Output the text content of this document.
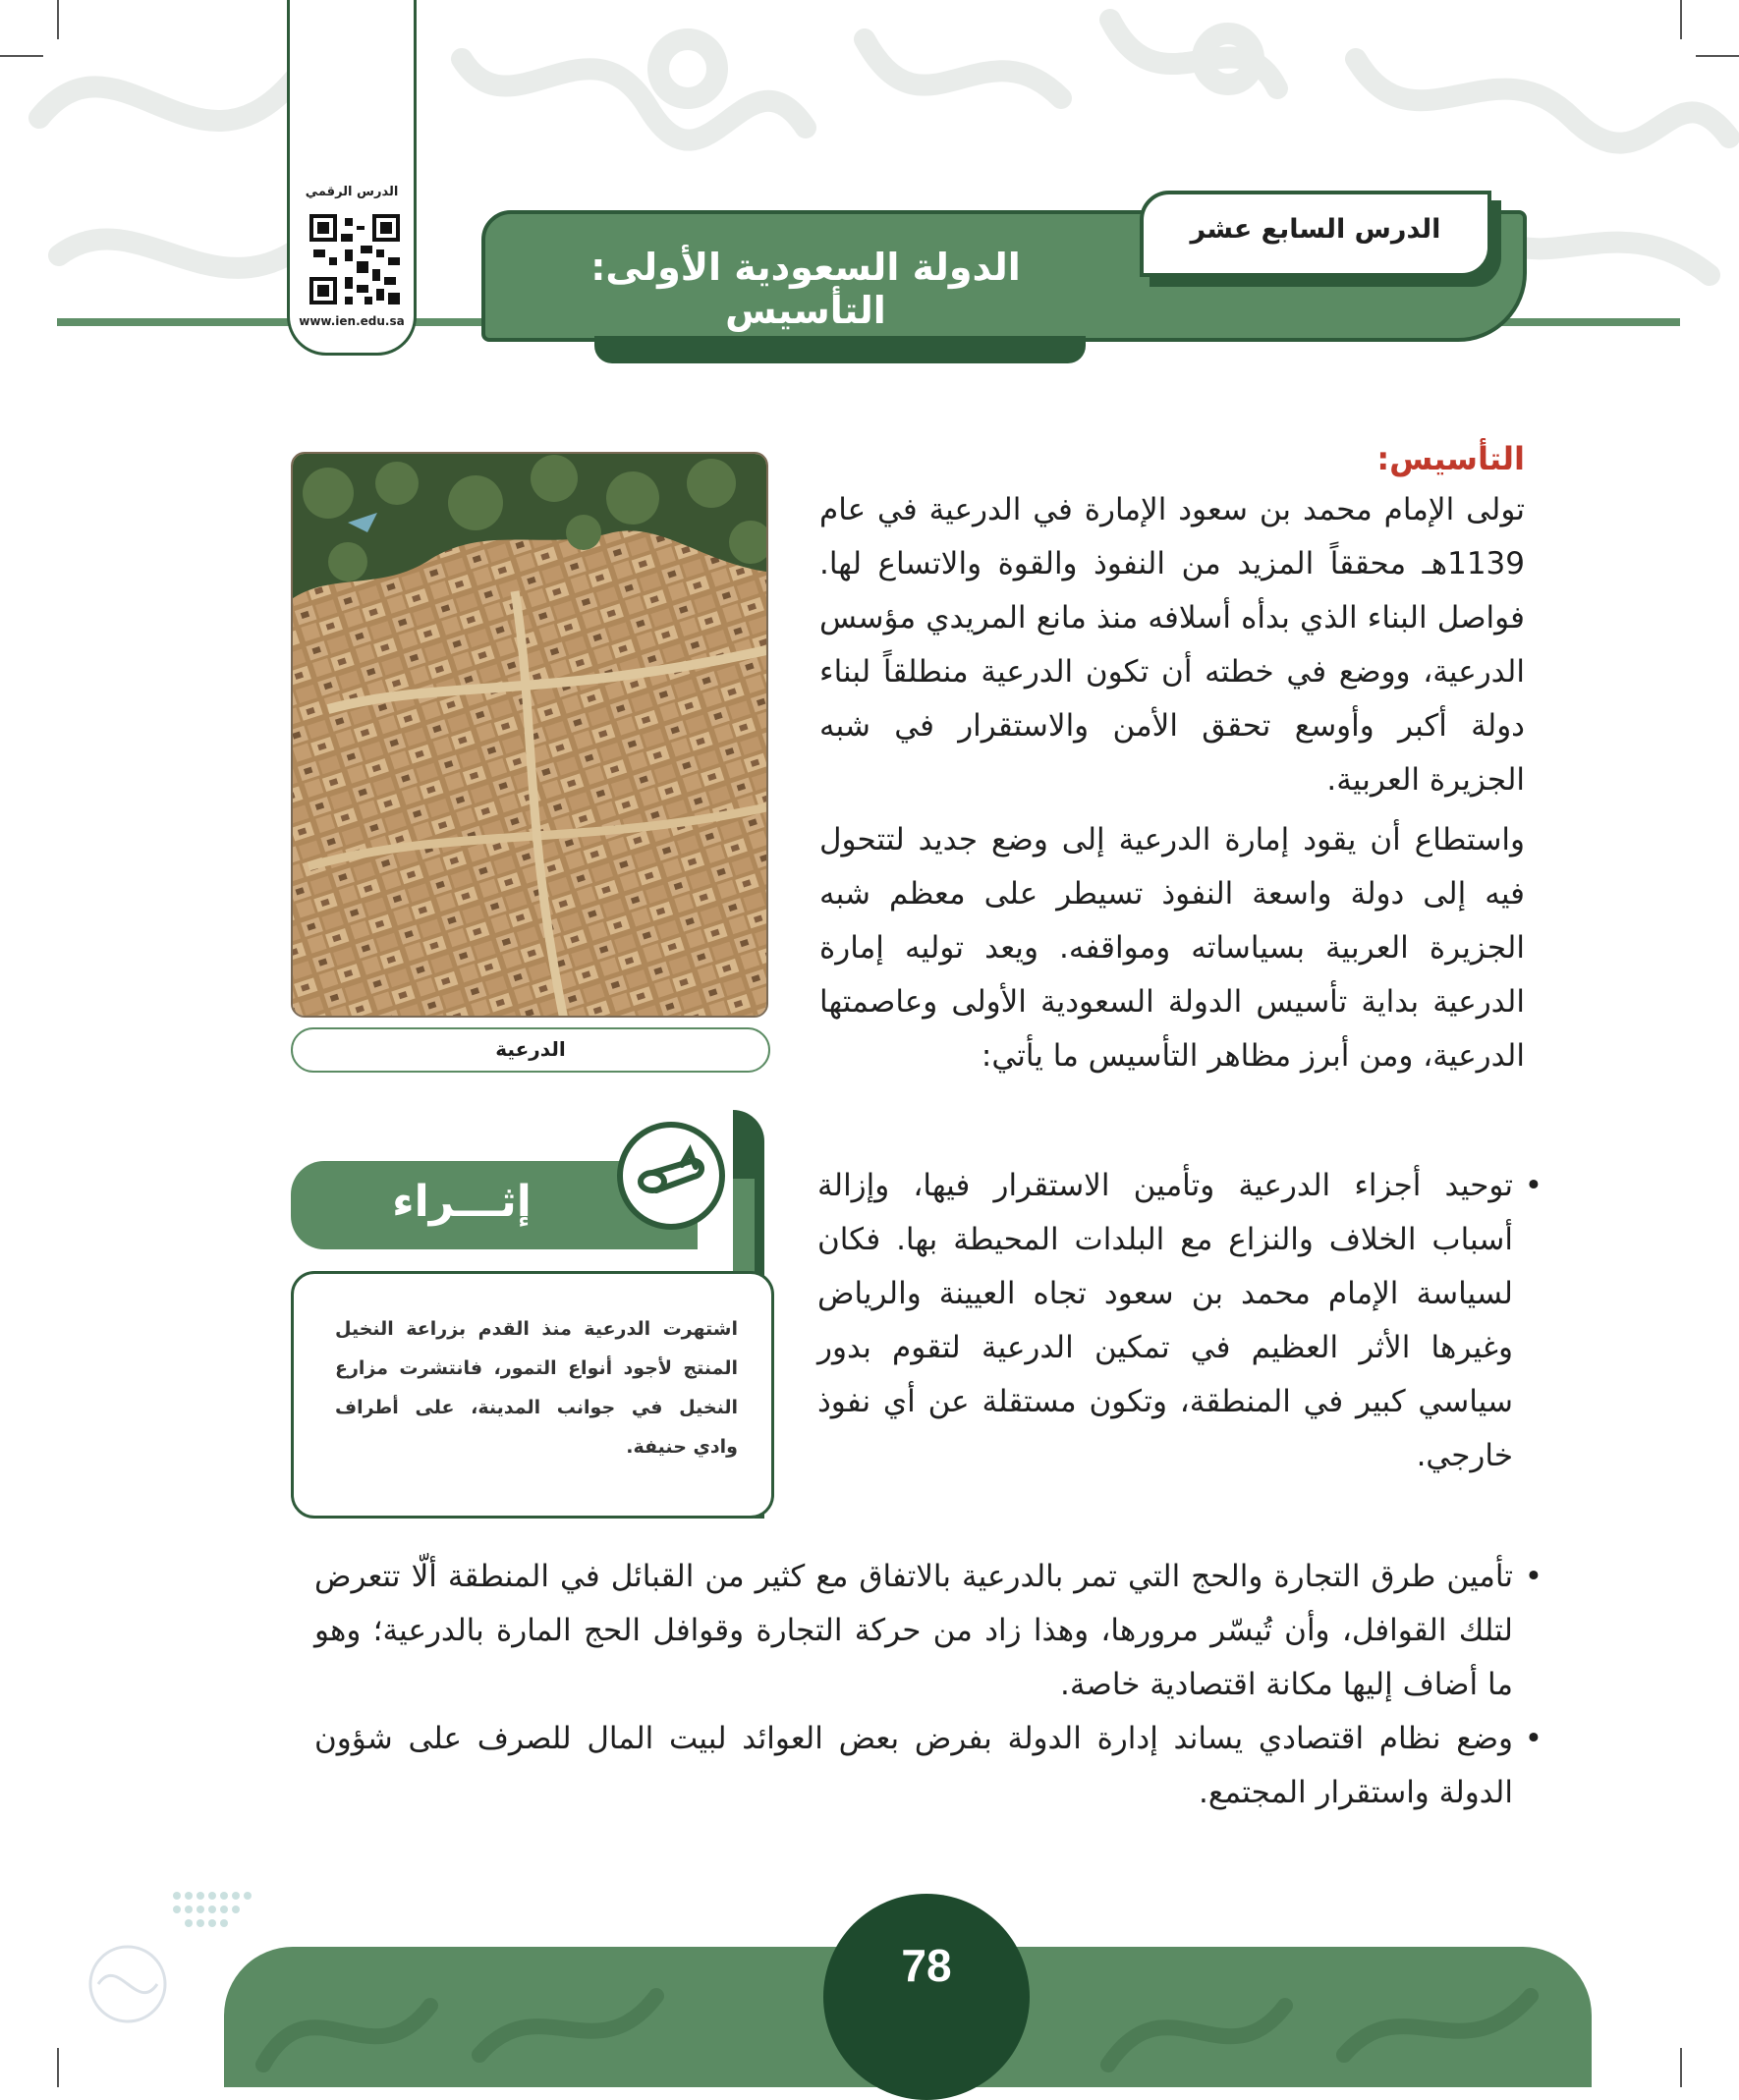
الدرس الرقمي
www.ien.edu.sa
الدولة السعودية الأولى: التأسيس
الدرس السابع عشر
التأسيس:

تولى الإمام محمد بن سعود الإمارة في الدرعية في عام 1139هـ محققاً المزيد من النفوذ والقوة والاتساع لها. فواصل البناء الذي بدأه أسلافه منذ مانع المريدي مؤسس الدرعية، ووضع في خطته أن تكون الدرعية منطلقاً لبناء دولة أكبر وأوسع تحقق الأمن والاستقرار في شبه الجزيرة العربية.

واستطاع أن يقود إمارة الدرعية إلى وضع جديد لتتحول فيه إلى دولة واسعة النفوذ تسيطر على معظم شبه الجزيرة العربية بسياساته ومواقفه. ويعد توليه إمارة الدرعية بداية تأسيس الدولة السعودية الأولى وعاصمتها الدرعية، ومن أبرز مظاهر التأسيس ما يأتي:

• توحيد أجزاء الدرعية وتأمين الاستقرار فيها، وإزالة أسباب الخلاف والنزاع مع البلدات المحيطة بها. فكان لسياسة الإمام محمد بن سعود تجاه العيينة والرياض وغيرها الأثر العظيم في تمكين الدرعية لتقوم بدور سياسي كبير في المنطقة، وتكون مستقلة عن أي نفوذ خارجي.
• تأمين طرق التجارة والحج التي تمر بالدرعية بالاتفاق مع كثير من القبائل في المنطقة ألّا تتعرض لتلك القوافل، وأن تُيسّر مرورها، وهذا زاد من حركة التجارة وقوافل الحج المارة بالدرعية؛ وهو ما أضاف إليها مكانة اقتصادية خاصة.
• وضع نظام اقتصادي يساند إدارة الدولة بفرض بعض العوائد لبيت المال للصرف على شؤون الدولة واستقرار المجتمع.
الدرعية
إثـــراء

اشتهرت الدرعية منذ القدم بزراعة النخيل المنتج لأجود أنواع التمور، فانتشرت مزارع النخيل في جوانب المدينة، على أطراف وادي حنيفة.

78
